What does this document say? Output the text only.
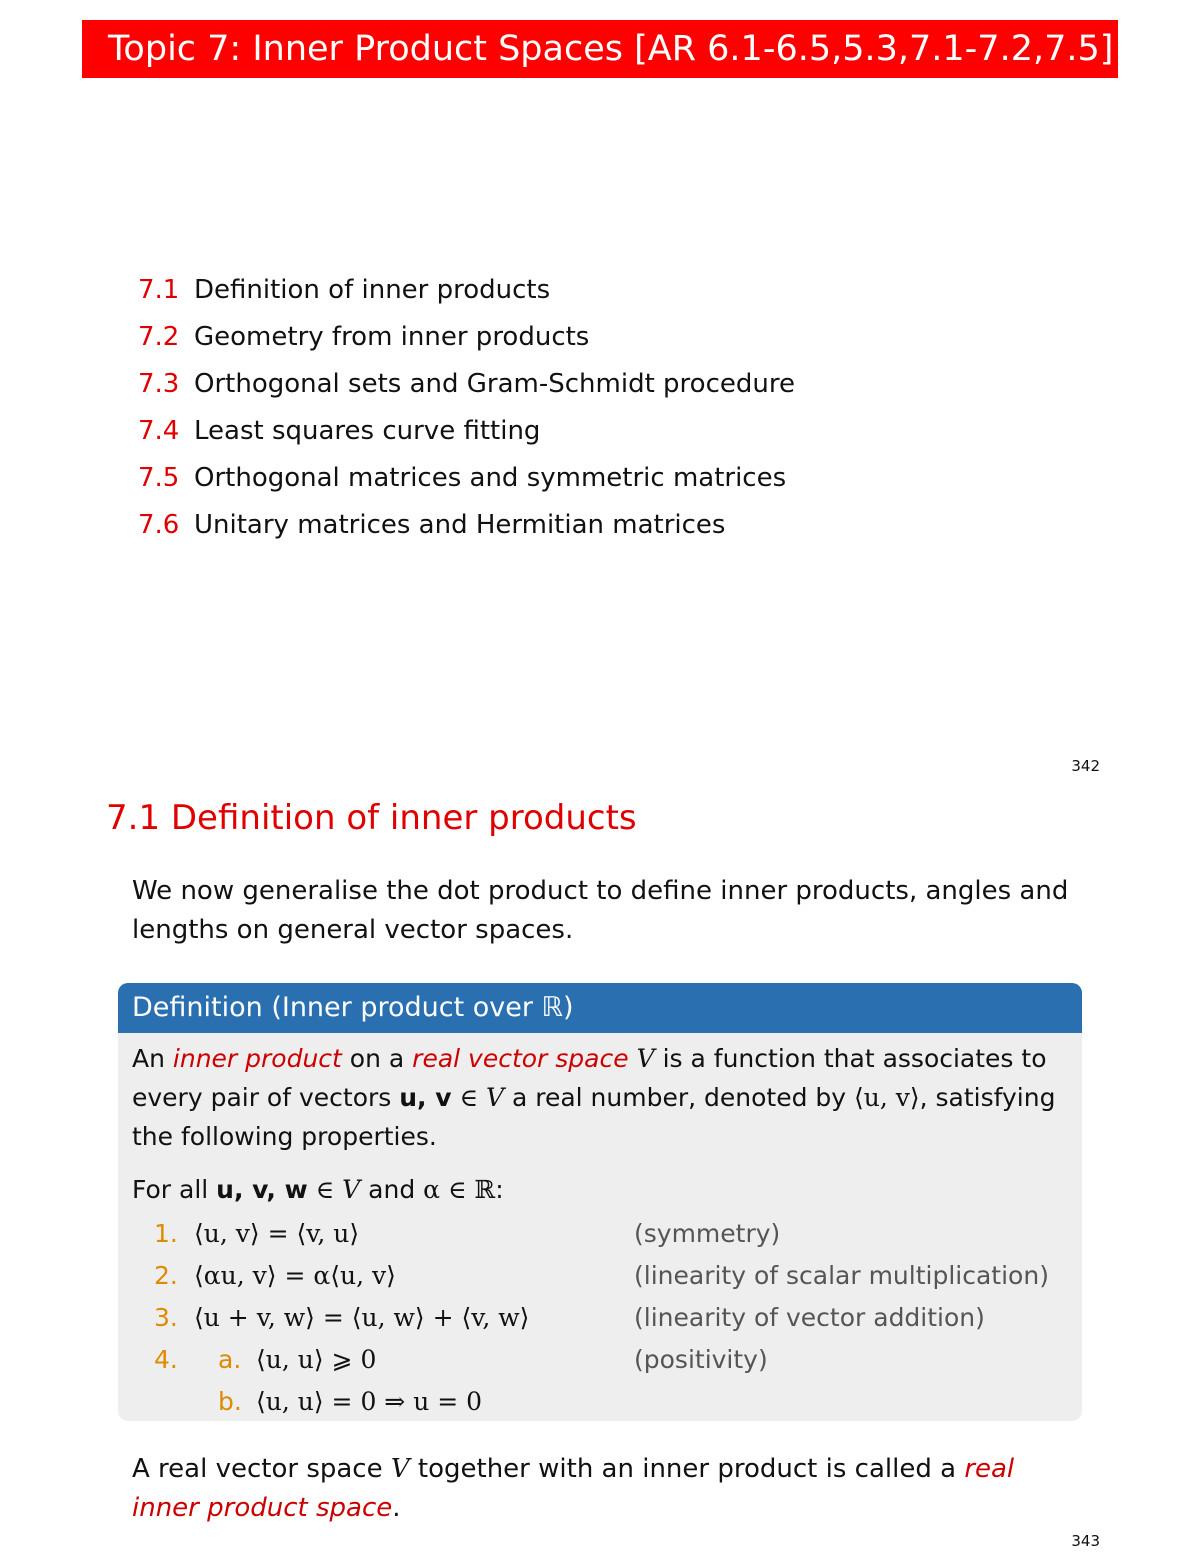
Topic 7: Inner Product Spaces [AR 6.1-6.5,5.3,7.1-7.2,7.5]
7.1 Definition of inner products
7.2 Geometry from inner products
7.3 Orthogonal sets and Gram-Schmidt procedure
7.4 Least squares curve fitting
7.5 Orthogonal matrices and symmetric matrices
7.6 Unitary matrices and Hermitian matrices
342
7.1 Definition of inner products
We now generalise the dot product to define inner products, angles and lengths on general vector spaces.
Definition (Inner product over ℝ)

An inner product on a real vector space V is a function that associates to every pair of vectors u, v ∈ V a real number, denoted by ⟨u, v⟩, satisfying the following properties.

For all u, v, w ∈ V and α ∈ ℝ:

1. ⟨u, v⟩ = ⟨v, u⟩	(symmetry)
2. ⟨αu, v⟩ = α⟨u, v⟩	(linearity of scalar multiplication)
3. ⟨u + v, w⟩ = ⟨u, w⟩ + ⟨v, w⟩	(linearity of vector addition)
4. a. ⟨u, u⟩ ⩾ 0	(positivity)
b. ⟨u, u⟩ = 0 ⇒ u = 0
A real vector space V together with an inner product is called a real inner product space.
343
